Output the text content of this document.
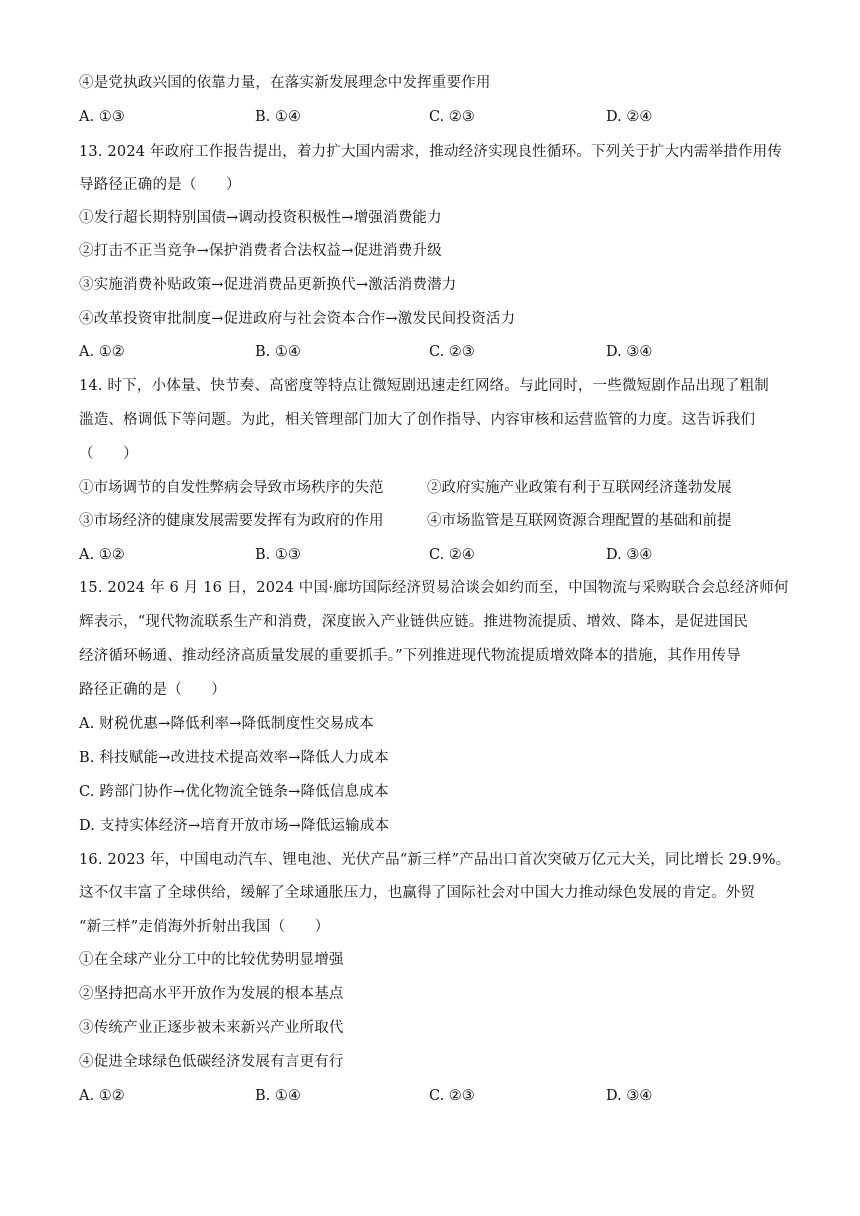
④是党执政兴国的依靠力量，在落实新发展理念中发挥重要作用
A. ①③	B. ①④	C. ②③	D. ②④
13. 2024 年政府工作报告提出，着力扩大国内需求，推动经济实现良性循环。下列关于扩大内需举措作用传
导路径正确的是（　　）
①发行超长期特别国债→调动投资积极性→增强消费能力
②打击不正当竞争→保护消费者合法权益→促进消费升级
③实施消费补贴政策→促进消费品更新换代→激活消费潜力
④改革投资审批制度→促进政府与社会资本合作→激发民间投资活力
A. ①②	B. ①④	C. ②③	D. ③④
14. 时下，小体量、快节奏、高密度等特点让微短剧迅速走红网络。与此同时，一些微短剧作品出现了粗制
滥造、格调低下等问题。为此，相关管理部门加大了创作指导、内容审核和运营监管的力度。这告诉我们
（　　）
①市场调节的自发性弊病会导致市场秩序的失范	②政府实施产业政策有利于互联网经济蓬勃发展
③市场经济的健康发展需要发挥有为政府的作用	④市场监管是互联网资源合理配置的基础和前提
A. ①②	B. ①③	C. ②④	D. ③④
15. 2024 年 6 月 16 日，2024 中国·廊坊国际经济贸易洽谈会如约而至，中国物流与采购联合会总经济师何
辉表示，“现代物流联系生产和消费，深度嵌入产业链供应链。推进物流提质、增效、降本，是促进国民
经济循环畅通、推动经济高质量发展的重要抓手。”下列推进现代物流提质增效降本的措施，其作用传导
路径正确的是（　　）
A. 财税优惠→降低利率→降低制度性交易成本
B. 科技赋能→改进技术提高效率→降低人力成本
C. 跨部门协作→优化物流全链条→降低信息成本
D. 支持实体经济→培育开放市场→降低运输成本
16. 2023 年，中国电动汽车、锂电池、光伏产品“新三样”产品出口首次突破万亿元大关，同比增长 29.9%。
这不仅丰富了全球供给，缓解了全球通胀压力，也赢得了国际社会对中国大力推动绿色发展的肯定。外贸
“新三样”走俏海外折射出我国（　　）
①在全球产业分工中的比较优势明显增强
②坚持把高水平开放作为发展的根本基点
③传统产业正逐步被未来新兴产业所取代
④促进全球绿色低碳经济发展有言更有行
A. ①②	B. ①④	C. ②③	D. ③④
